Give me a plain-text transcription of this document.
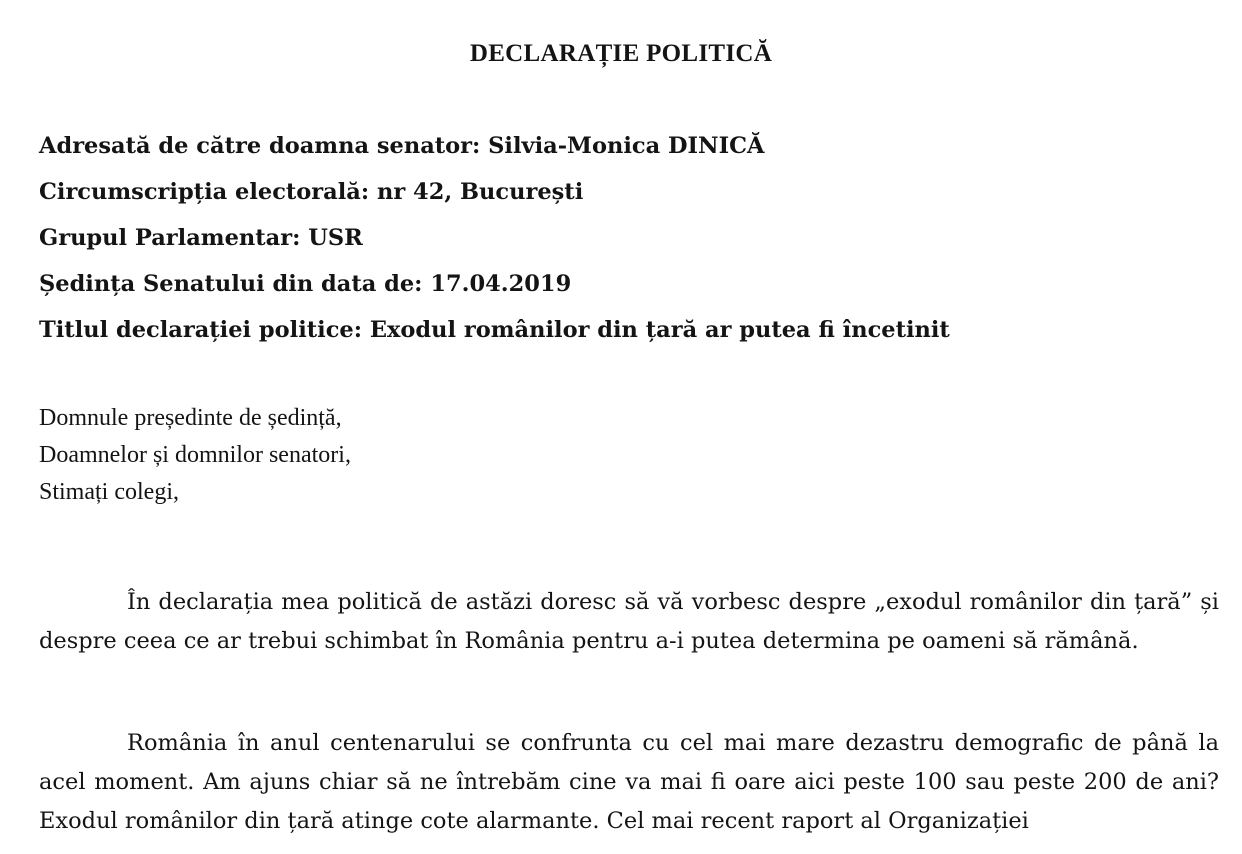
DECLARAȚIE POLITICĂ
Adresată de către doamna senator: Silvia-Monica DINICĂ
Circumscripția electorală: nr 42, București
Grupul Parlamentar: USR
Ședința Senatului din data de: 17.04.2019
Titlul declarației politice: Exodul românilor din țară ar putea fi încetinit
Domnule președinte de ședință,
Doamnelor și domnilor senatori,
Stimați colegi,

În declarația mea politică de astăzi doresc să vă vorbesc despre „exodul românilor din țară” și despre ceea ce ar trebui schimbat în România pentru a-i putea determina pe oameni să rămână.

România în anul centenarului se confrunta cu cel mai mare dezastru demografic de până la acel moment. Am ajuns chiar să ne întrebăm cine va mai fi oare aici peste 100 sau peste 200 de ani? Exodul românilor din țară atinge cote alarmante. Cel mai recent raport al Organizației
